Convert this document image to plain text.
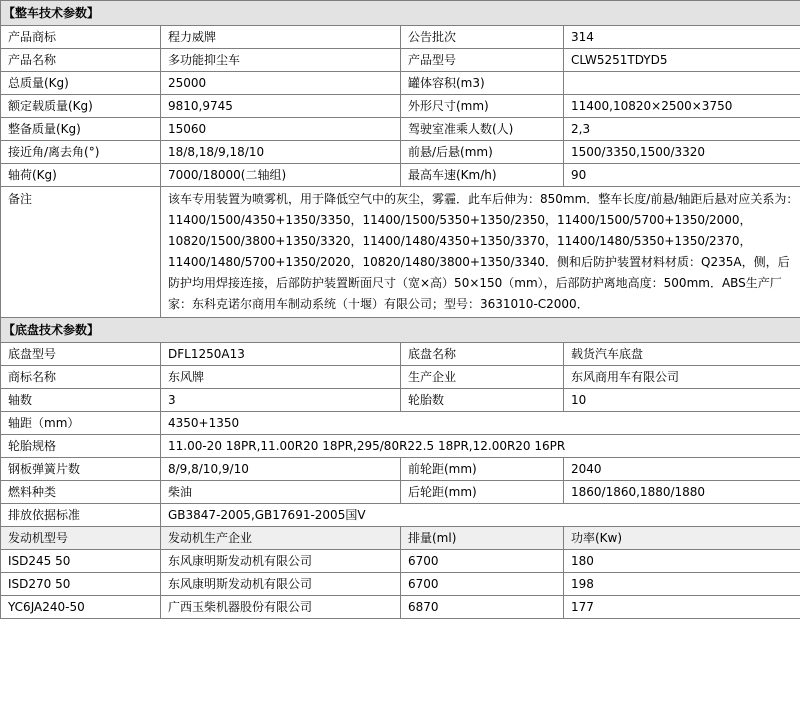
【整车技术参数】			
产品商标	程力威牌	公告批次	314
产品名称	多功能抑尘车	产品型号	CLW5251TDYD5
总质量(Kg)	25000	罐体容积(m3)	
额定载质量(Kg)	9810,9745	外形尺寸(mm)	11400,10820×2500×3750
整备质量(Kg)	15060	驾驶室准乘人数(人)	2,3
接近角/离去角(°)	18/8,18/9,18/10	前悬/后悬(mm)	1500/3350,1500/3320
轴荷(Kg)	7000/18000(二轴组)	最高车速(Km/h)	90
备注	该车专用装置为喷雾机，用于降低空气中的灰尘，雾霾．此车后伸为：850mm．整车长度/前悬/轴距后悬对应关系为：11400/1500/4350+1350/3350，11400/1500/5350+1350/2350，11400/1500/5700+1350/2000，10820/1500/3800+1350/3320，11400/1480/4350+1350/3370，11400/1480/5350+1350/2370，11400/1480/5700+1350/2020，10820/1480/3800+1350/3340．侧和后防护装置材料材质：Q235A，侧，后防护均用焊接连接，后部防护装置断面尺寸（宽×高）50×150（mm），后部防护离地高度：500mm．ABS生产厂家：东科克诺尔商用车制动系统（十堰）有限公司；型号：3631010-C2000．		
【底盘技术参数】			
底盘型号	DFL1250A13	底盘名称	载货汽车底盘
商标名称	东风牌	生产企业	东风商用车有限公司
轴数	3	轮胎数	10
轴距（mm）	4350+1350		
轮胎规格	11.00-20 18PR,11.00R20 18PR,295/80R22.5 18PR,12.00R20 16PR		
钢板弹簧片数	8/9,8/10,9/10	前轮距(mm)	2040
燃料种类	柴油	后轮距(mm)	1860/1860,1880/1880
排放依据标准	GB3847-2005,GB17691-2005国V		
发动机型号	发动机生产企业	排量(ml)	功率(Kw)
ISD245 50	东风康明斯发动机有限公司	6700	180
ISD270 50	东风康明斯发动机有限公司	6700	198
YC6JA240-50	广西玉柴机器股份有限公司	6870	177
